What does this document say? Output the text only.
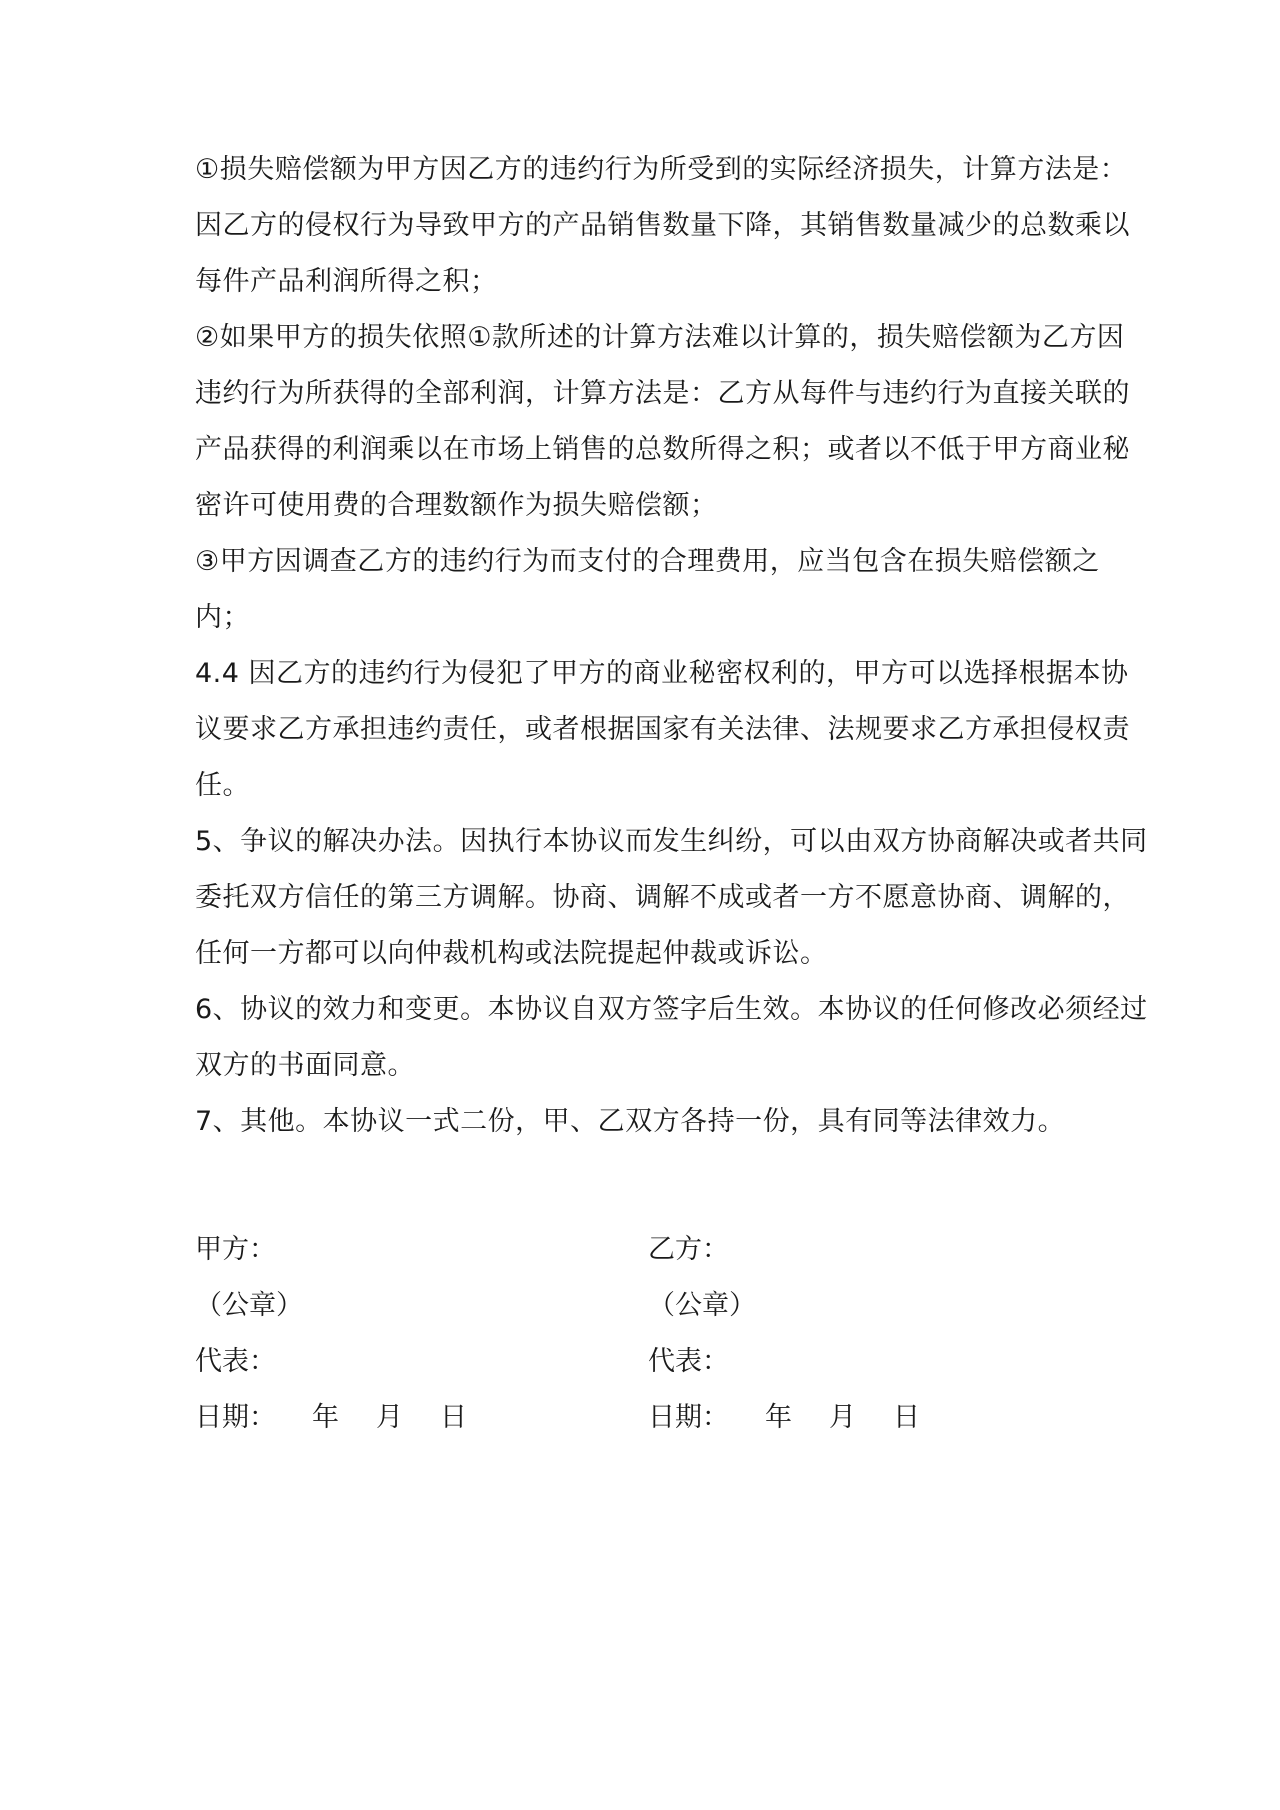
①损失赔偿额为甲方因乙方的违约行为所受到的实际经济损失，计算方法是：
因乙方的侵权行为导致甲方的产品销售数量下降，其销售数量减少的总数乘以
每件产品利润所得之积；
②如果甲方的损失依照①款所述的计算方法难以计算的，损失赔偿额为乙方因
违约行为所获得的全部利润，计算方法是：乙方从每件与违约行为直接关联的
产品获得的利润乘以在市场上销售的总数所得之积；或者以不低于甲方商业秘
密许可使用费的合理数额作为损失赔偿额；
③甲方因调查乙方的违约行为而支付的合理费用，应当包含在损失赔偿额之
内；
4.4 因乙方的违约行为侵犯了甲方的商业秘密权利的，甲方可以选择根据本协
议要求乙方承担违约责任，或者根据国家有关法律、法规要求乙方承担侵权责
任。
5、争议的解决办法。因执行本协议而发生纠纷，可以由双方协商解决或者共同
委托双方信任的第三方调解。协商、调解不成或者一方不愿意协商、调解的，
任何一方都可以向仲裁机构或法院提起仲裁或诉讼。
6、协议的效力和变更。本协议自双方签字后生效。本协议的任何修改必须经过
双方的书面同意。
7、其他。本协议一式二份，甲、乙双方各持一份，具有同等法律效力。
甲方：
（公章）
代表：
日期： 年 月 日
乙方：
（公章）
代表：
日期： 年 月 日
